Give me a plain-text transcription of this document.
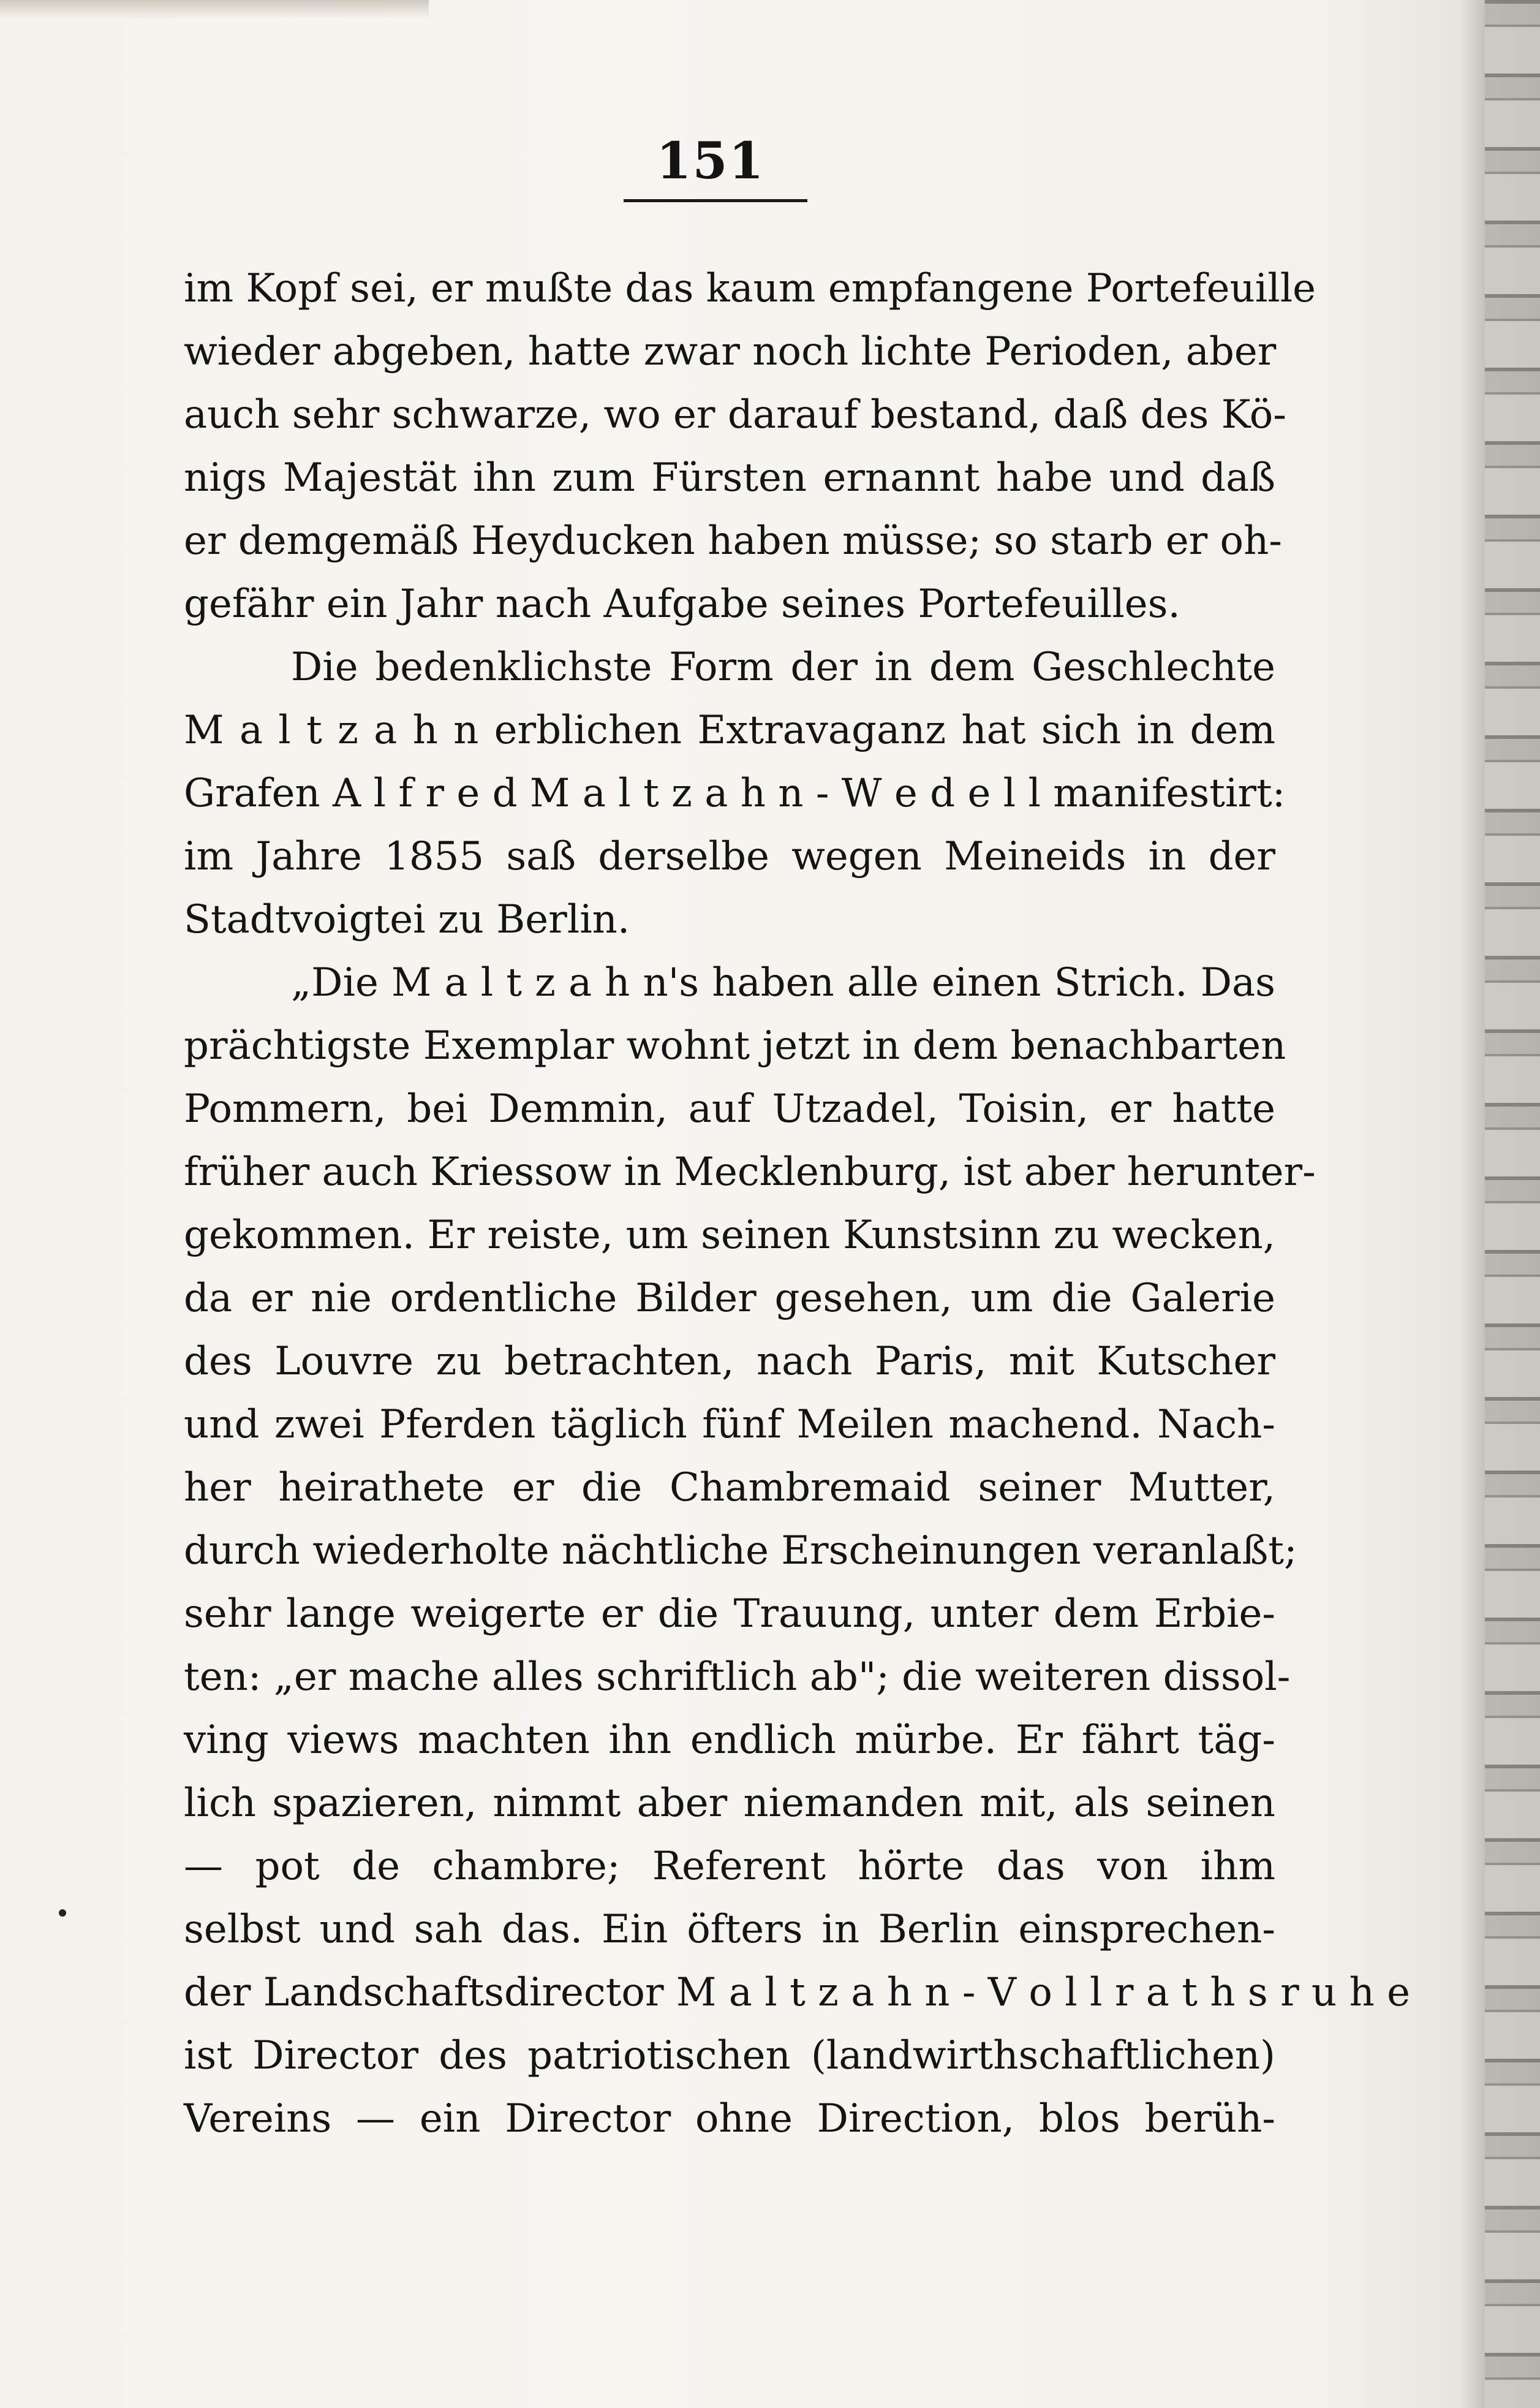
151
im Kopf sei, er mußte das kaum empfangene Portefeuille
wieder abgeben, hatte zwar noch lichte Perioden, aber
auch sehr schwarze, wo er darauf bestand, daß des Kö-
nigs Majestät ihn zum Fürsten ernannt habe und daß
er demgemäß Heyducken haben müsse; so starb er oh-
gefähr ein Jahr nach Aufgabe seines Portefeuilles.
Die bedenklichste Form der in dem Geschlechte
M a l t z a h n erblichen Extravaganz hat sich in dem
Grafen A l f r e d M a l t z a h n - W e d e l l manifestirt:
im Jahre 1855 saß derselbe wegen Meineids in der
Stadtvoigtei zu Berlin.
„Die M a l t z a h n's haben alle einen Strich. Das
prächtigste Exemplar wohnt jetzt in dem benachbarten
Pommern, bei Demmin, auf Utzadel, Toisin, er hatte
früher auch Kriessow in Mecklenburg, ist aber herunter-
gekommen. Er reiste, um seinen Kunstsinn zu wecken,
da er nie ordentliche Bilder gesehen, um die Galerie
des Louvre zu betrachten, nach Paris, mit Kutscher
und zwei Pferden täglich fünf Meilen machend. Nach-
her heirathete er die Chambremaid seiner Mutter,
durch wiederholte nächtliche Erscheinungen veranlaßt;
sehr lange weigerte er die Trauung, unter dem Erbie-
ten: „er mache alles schriftlich ab"; die weiteren dissol-
ving views machten ihn endlich mürbe. Er fährt täg-
lich spazieren, nimmt aber niemanden mit, als seinen
— pot de chambre; Referent hörte das von ihm
selbst und sah das. Ein öfters in Berlin einsprechen-
der Landschaftsdirector M a l t z a h n - V o l l r a t h s r u h e
ist Director des patriotischen (landwirthschaftlichen)
Vereins — ein Director ohne Direction, blos berüh-
